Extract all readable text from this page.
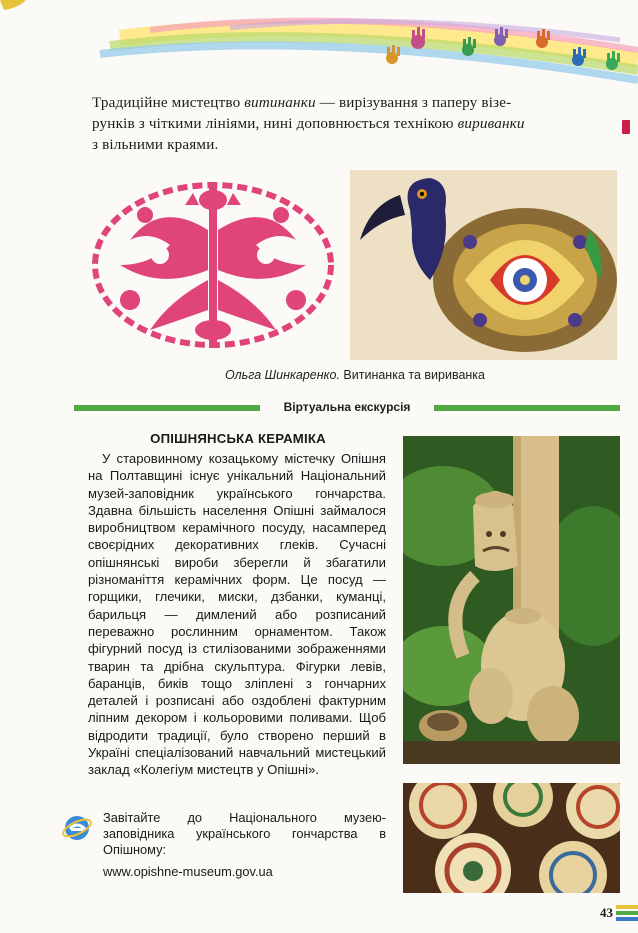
Традиційне мистецтво витинанки — вирізування з паперу візе-
рунків з чіткими лініями, нині доповнюється технікою вириванки
з вільними краями.
Ольга Шинкаренко. Витинанка та вириванка
Віртуальна екскурсія
ОПІШНЯНСЬКА КЕРАМІКА

У старовинному козацькому містечку Опішня на Полтавщині існує унікальний Національний музей-заповідник українського гончарства. Здавна більшість населення Опішні займалося виробництвом керамічного посуду, насамперед своєрідних декоративних глеків. Сучасні опішнянські вироби зберегли й збагатили різноманіття керамічних форм. Це посуд — горщики, глечики, миски, дзбанки, куманці, барильця — димлений або розписаний переважно рослинним орнаментом. Також фігурний посуд із стилізованими зображеннями тварин та дрібна скульптура. Фігурки левів, баранців, биків тощо зліплені з гончарних деталей і розписані або оздоблені фактурним ліпним декором і кольоровими поливами. Щоб відродити традиції, було створено перший в Україні спеціалізований навчальний мистецький заклад «Колегіум мистецтв у Опішні».

Завітайте до Національного музею-заповідника українського гончарства в Опішному:
www.opishne-museum.gov.ua
43
